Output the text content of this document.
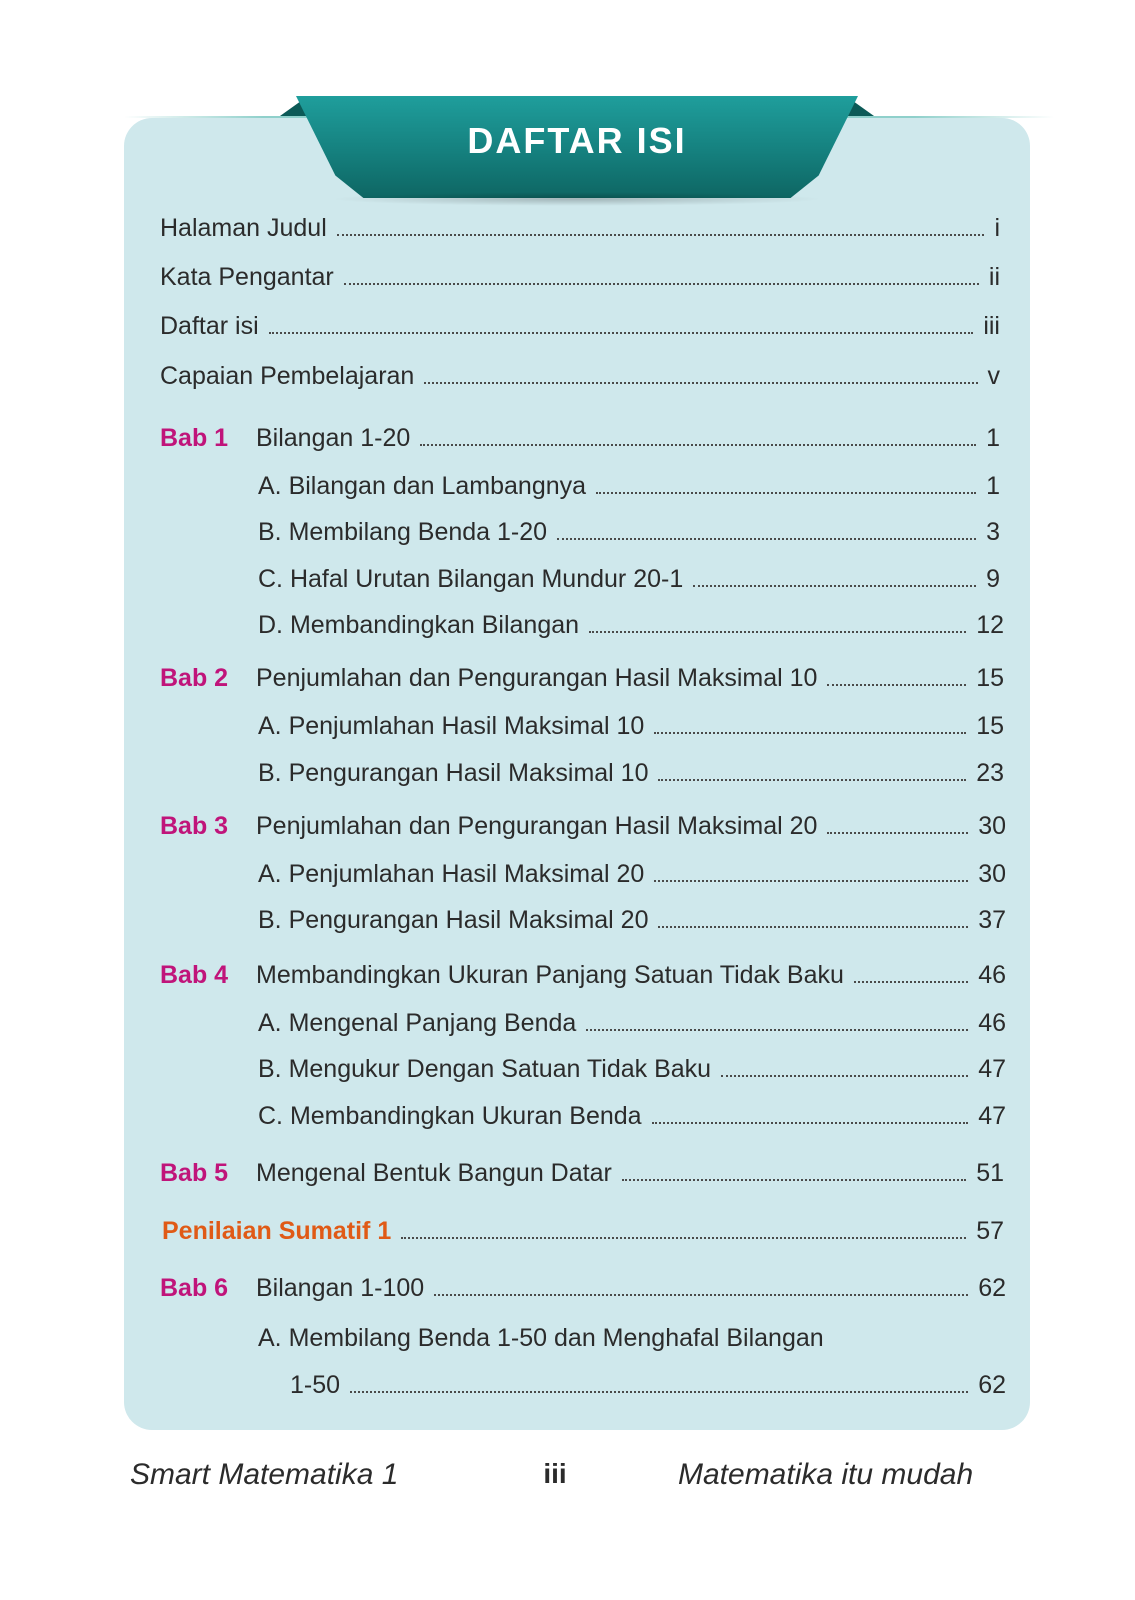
DAFTAR ISI
Halaman Judul	i
Kata Pengantar	ii
Daftar isi	iii
Capaian Pembelajaran	v
Bab 1 Bilangan 1-20	1
A. Bilangan dan Lambangnya	1
B. Membilang Benda 1-20	3
C. Hafal Urutan Bilangan Mundur 20-1	9
D. Membandingkan Bilangan	12
Bab 2 Penjumlahan dan Pengurangan Hasil Maksimal 10	15
A. Penjumlahan Hasil Maksimal 10	15
B. Pengurangan Hasil Maksimal 10	23
Bab 3 Penjumlahan dan Pengurangan Hasil Maksimal 20	30
A. Penjumlahan Hasil Maksimal 20	30
B. Pengurangan Hasil Maksimal 20	37
Bab 4 Membandingkan Ukuran Panjang Satuan Tidak Baku	46
A. Mengenal Panjang Benda	46
B. Mengukur Dengan Satuan Tidak Baku	47
C. Membandingkan Ukuran Benda	47
Bab 5 Mengenal Bentuk Bangun Datar	51
Penilaian Sumatif 1	57
Bab 6 Bilangan 1-100	62
A. Membilang Benda 1-50 dan Menghafal Bilangan
1-50	62
Smart Matematika 1	iii	Matematika itu mudah
